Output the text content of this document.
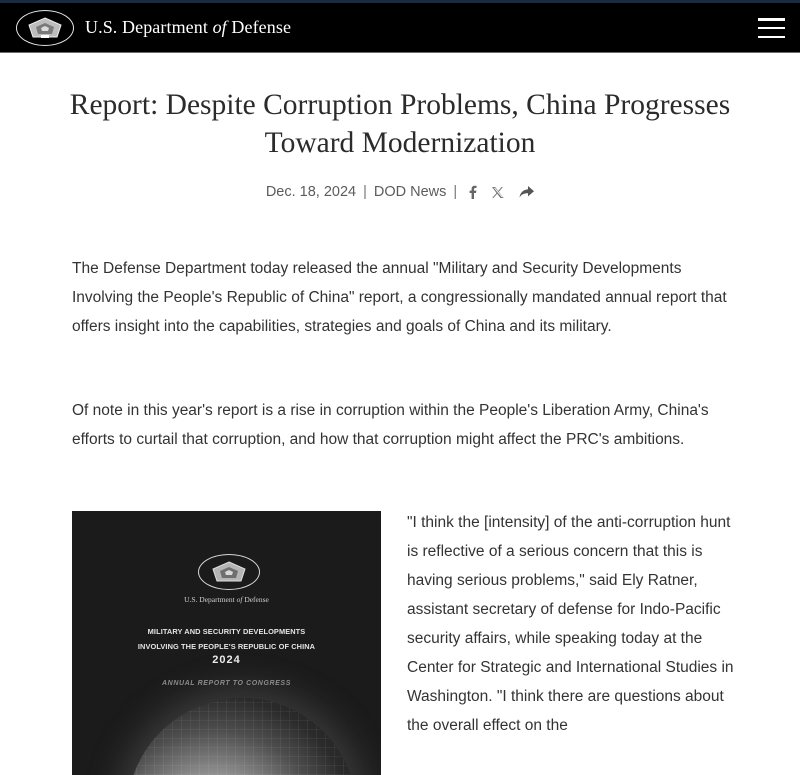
U.S. Department of Defense
Report: Despite Corruption Problems, China Progresses Toward Modernization
Dec. 18, 2024 | DOD News |

The Defense Department today released the annual "Military and Security Developments Involving the People's Republic of China" report, a congressionally mandated annual report that offers insight into the capabilities, strategies and goals of China and its military.

Of note in this year's report is a rise in corruption within the People's Liberation Army, China's efforts to curtail that corruption, and how that corruption might affect the PRC's ambitions.

U.S. Department of Defense
MILITARY AND SECURITY DEVELOPMENTS
INVOLVING THE PEOPLE'S REPUBLIC OF CHINA
2024
ANNUAL REPORT TO CONGRESS

"I think the [intensity] of the anti-corruption hunt is reflective of a serious concern that this is having serious problems," said Ely Ratner, assistant secretary of defense for Indo-Pacific security affairs, while speaking today at the Center for Strategic and International Studies in Washington. "I think there are questions about the overall effect on the
